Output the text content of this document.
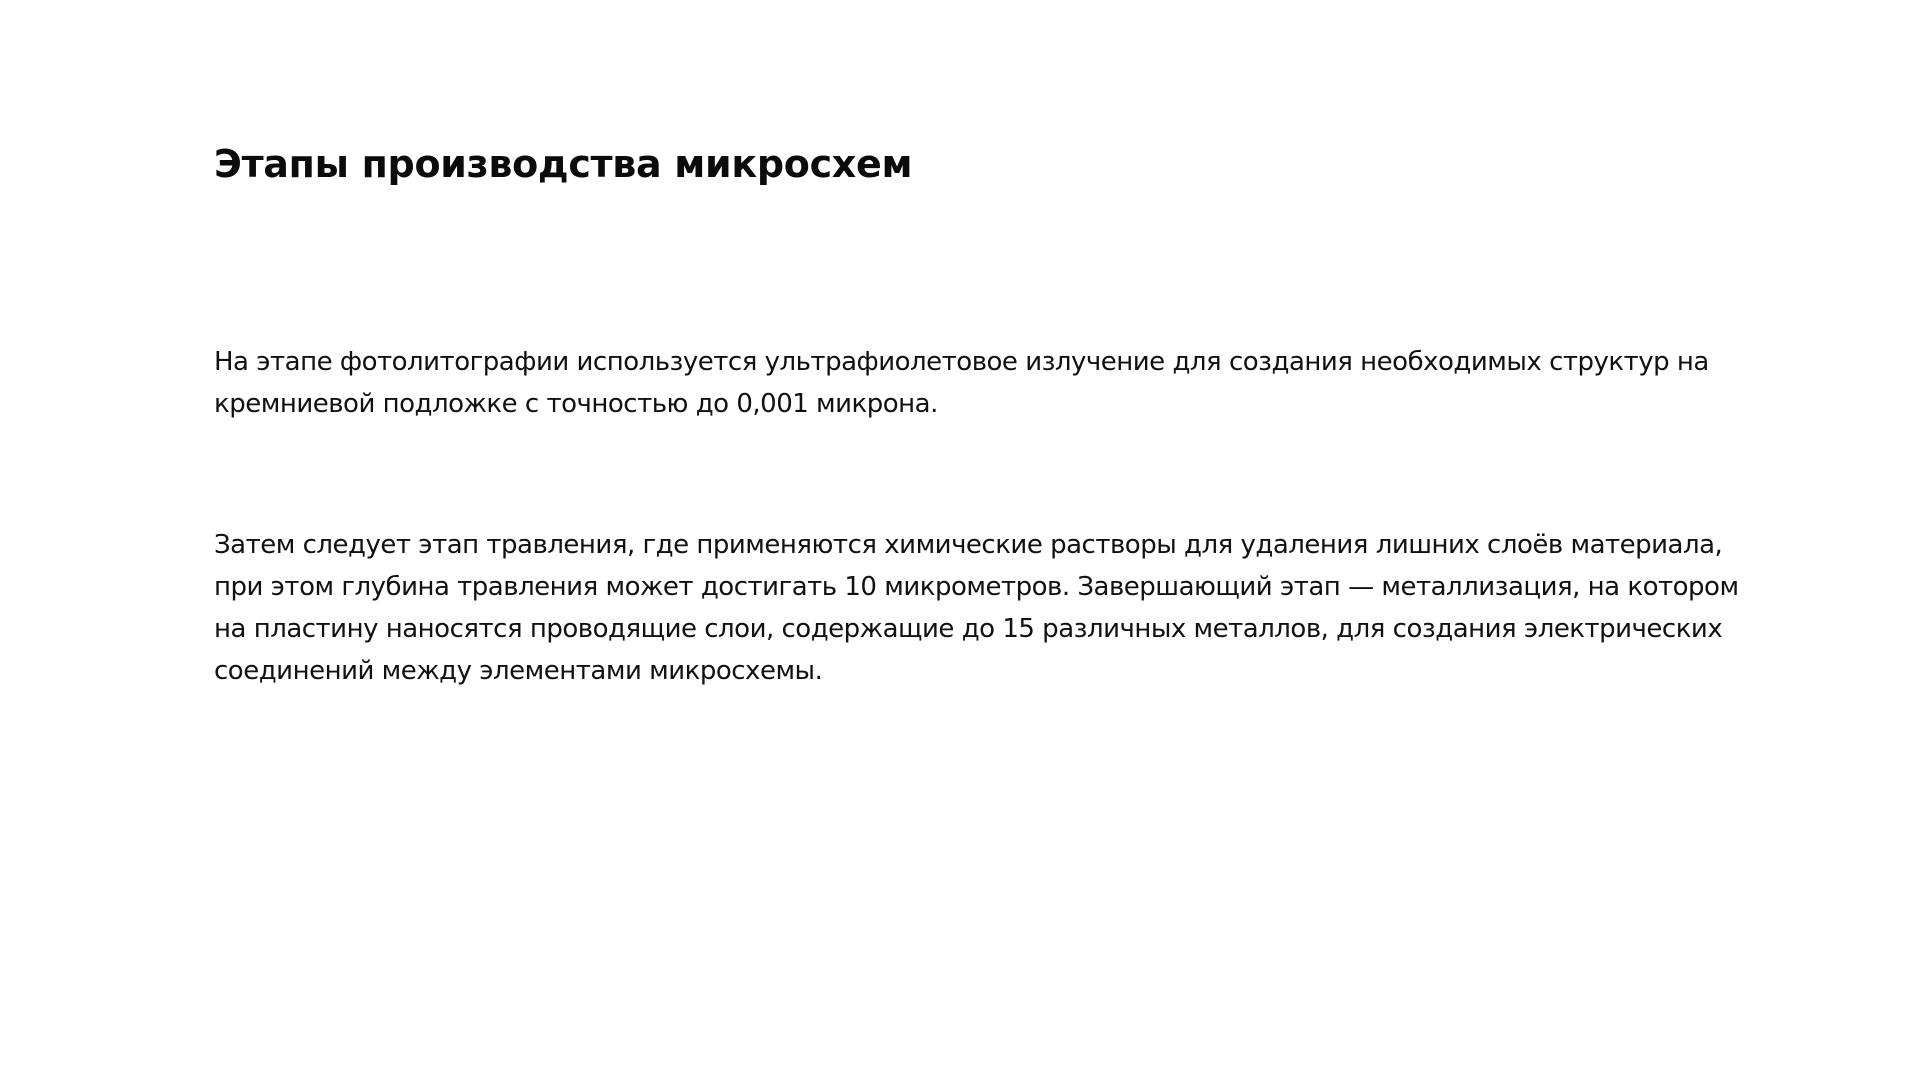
Этапы производства микросхем

На этапе фотолитографии используется ультрафиолетовое излучение для создания необходимых структур на кремниевой подложке с точностью до 0,001 микрона.

Затем следует этап травления, где применяются химические растворы для удаления лишних слоёв материала, при этом глубина травления может достигать 10 микрометров. Завершающий этап — металлизация, на котором на пластину наносятся проводящие слои, содержащие до 15 различных металлов, для создания электрических соединений между элементами микросхемы.
